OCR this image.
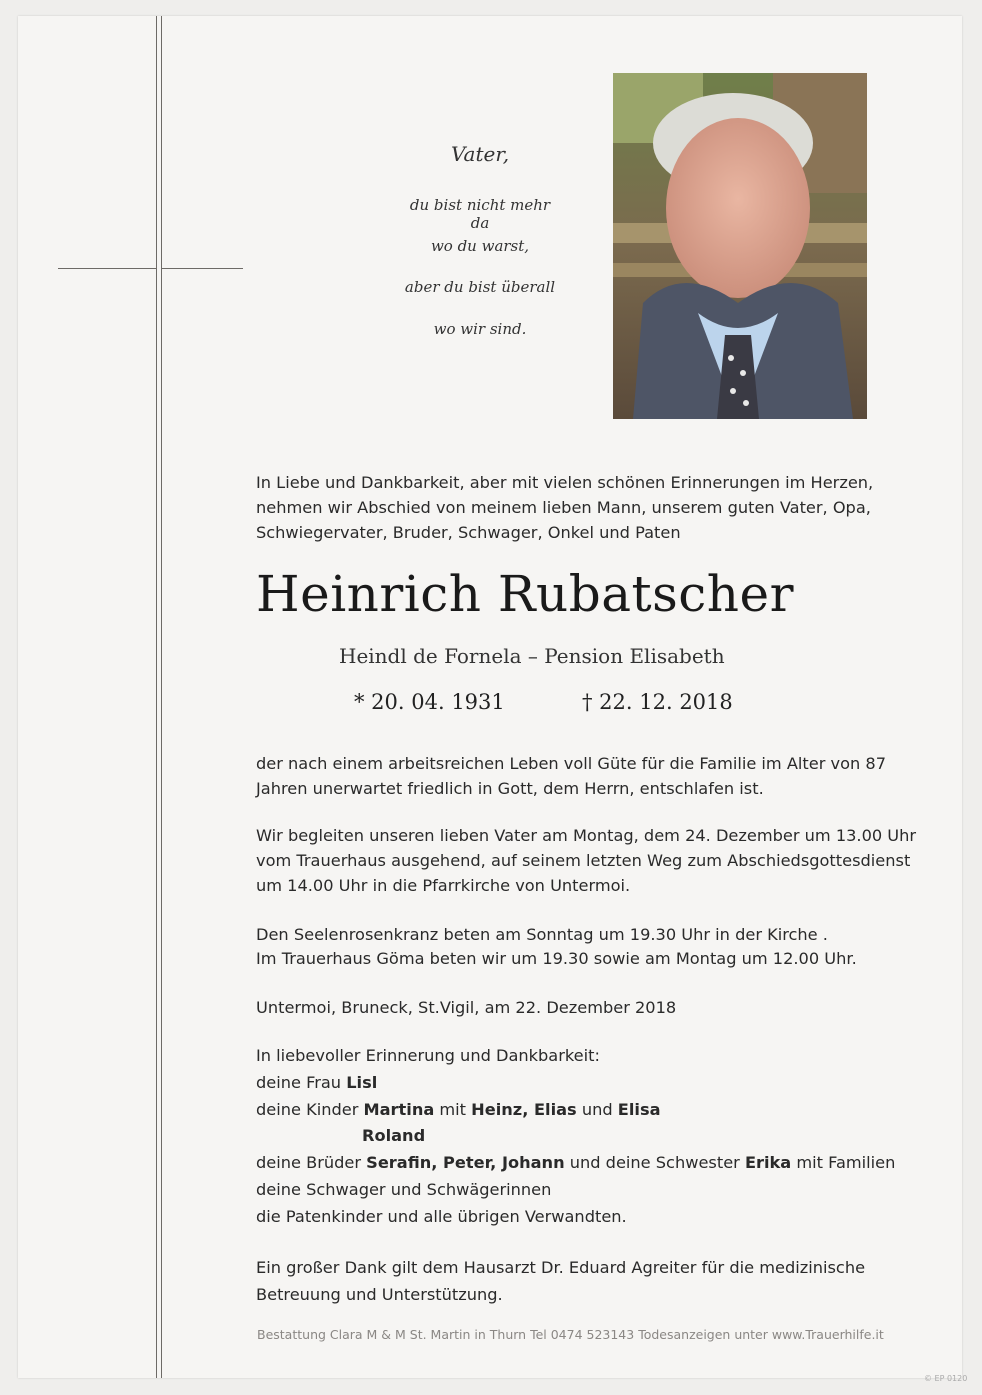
Vater,
du bist nicht mehr da
wo du warst,
aber du bist überall
wo wir sind.
In Liebe und Dankbarkeit, aber mit vielen schönen Erinnerungen im Herzen,
nehmen wir Abschied von meinem lieben Mann, unserem guten Vater, Opa,
Schwiegervater, Bruder, Schwager, Onkel und Paten
Heinrich Rubatscher
Heindl de Fornela – Pension Elisabeth
* 20. 04. 1931	† 22. 12. 2018
der nach einem arbeitsreichen Leben voll Güte für die Familie im Alter von 87
Jahren unerwartet friedlich in Gott, dem Herrn, entschlafen ist.
Wir begleiten unseren lieben Vater am Montag, dem 24. Dezember um 13.00 Uhr
vom Trauerhaus ausgehend, auf seinem letzten Weg zum Abschiedsgottesdienst
um 14.00 Uhr in die Pfarrkirche von Untermoi.
Den Seelenrosenkranz beten am Sonntag um 19.30 Uhr in der Kirche .
Im Trauerhaus Göma beten wir um 19.30 sowie am Montag um 12.00 Uhr.
Untermoi, Bruneck, St.Vigil, am 22. Dezember 2018
In liebevoller Erinnerung und Dankbarkeit:
deine Frau Lisl
deine Kinder Martina mit Heinz, Elias und Elisa
Roland
deine Brüder Serafin, Peter, Johann und deine Schwester Erika mit Familien
deine Schwager und Schwägerinnen
die Patenkinder und alle übrigen Verwandten.
Ein großer Dank gilt dem Hausarzt Dr. Eduard Agreiter für die medizinische
Betreuung und Unterstützung.
Bestattung Clara M & M St. Martin in Thurn Tel 0474 523143 Todesanzeigen unter www.Trauerhilfe.it
© EP 0120
